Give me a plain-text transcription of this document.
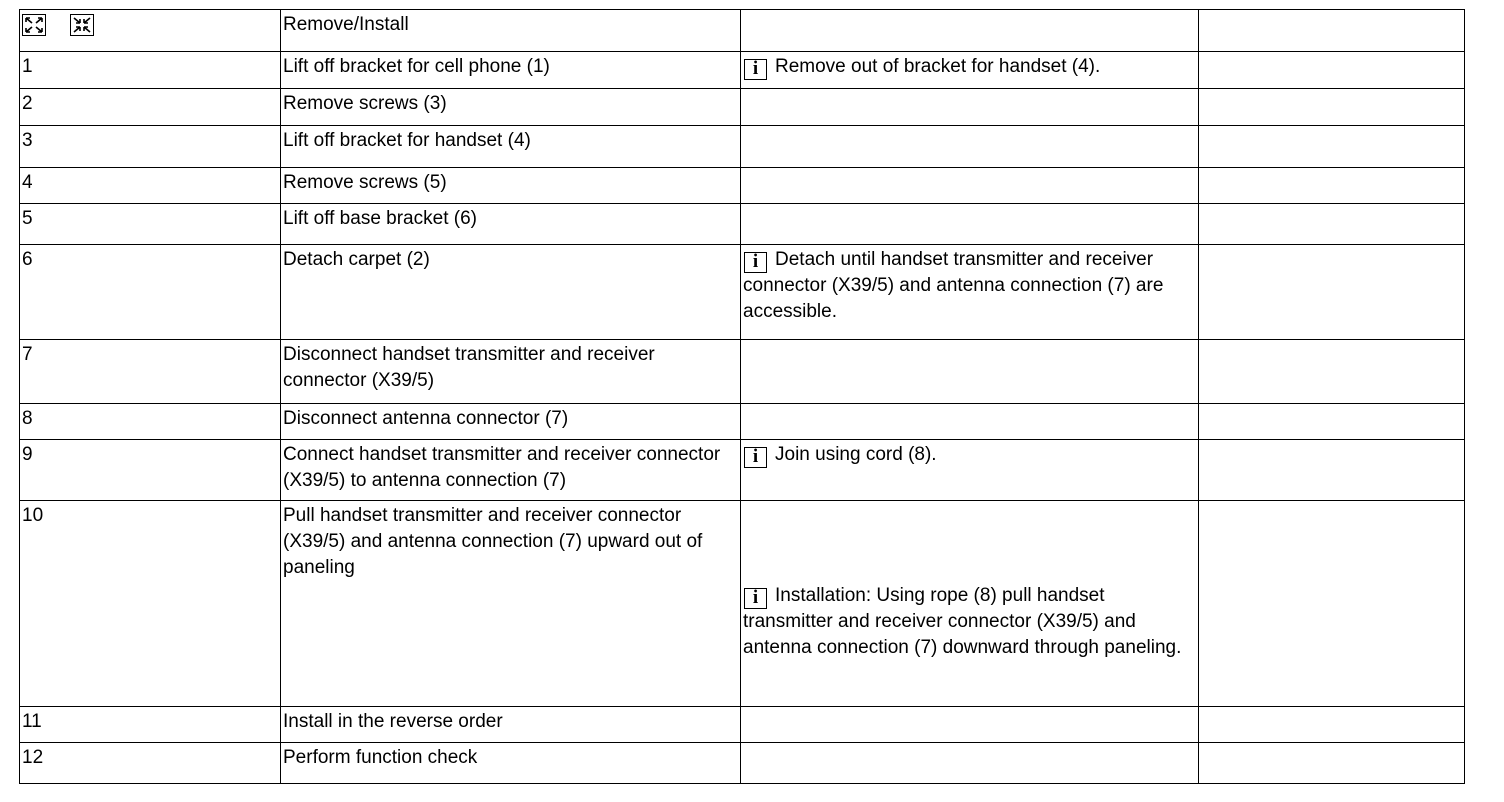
	Remove/Install		
1	Lift off bracket for cell phone (1)	i Remove out of bracket for handset (4).	
2	Remove screws (3)		
3	Lift off bracket for handset (4)		
4	Remove screws (5)		
5	Lift off base bracket (6)		
6	Detach carpet (2)	i Detach until handset transmitter and receiver connector (X39/5) and antenna connection (7) are accessible.	
7	Disconnect handset transmitter and receiver connector (X39/5)		
8	Disconnect antenna connector (7)		
9	Connect handset transmitter and receiver connector (X39/5) to antenna connection (7)	i Join using cord (8).	
10	Pull handset transmitter and receiver connector (X39/5) and antenna connection (7) upward out of paneling	i Installation: Using rope (8) pull handset transmitter and receiver connector (X39/5) and antenna connection (7) downward through paneling.	
11	Install in the reverse order		
12	Perform function check		
